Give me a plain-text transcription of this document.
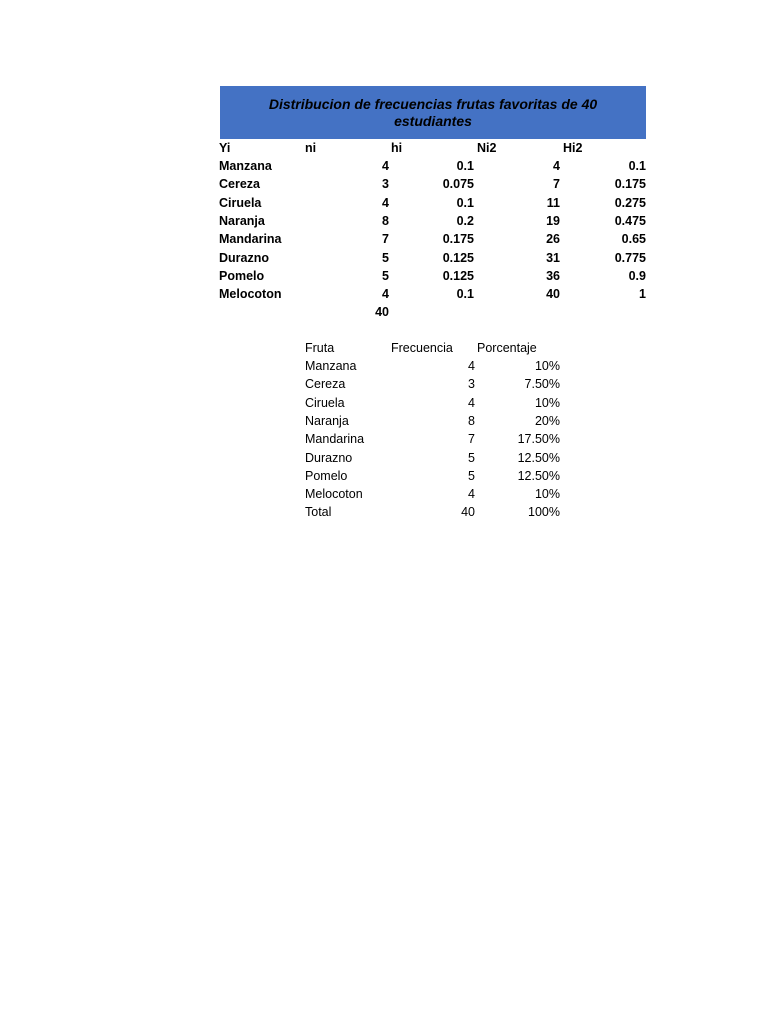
Distribucion de frecuencias frutas favoritas de 40 estudiantes
Yi	ni	hi	Ni2	Hi2
Manzana	4	0.1	4	0.1
Cereza	3	0.075	7	0.175
Ciruela	4	0.1	11	0.275
Naranja	8	0.2	19	0.475
Mandarina	7	0.175	26	0.65
Durazno	5	0.125	31	0.775
Pomelo	5	0.125	36	0.9
Melocoton	4	0.1	40	1
40
Fruta	Frecuencia	Porcentaje
Manzana	4	10%
Cereza	3	7.50%
Ciruela	4	10%
Naranja	8	20%
Mandarina	7	17.50%
Durazno	5	12.50%
Pomelo	5	12.50%
Melocoton	4	10%
Total	40	100%
